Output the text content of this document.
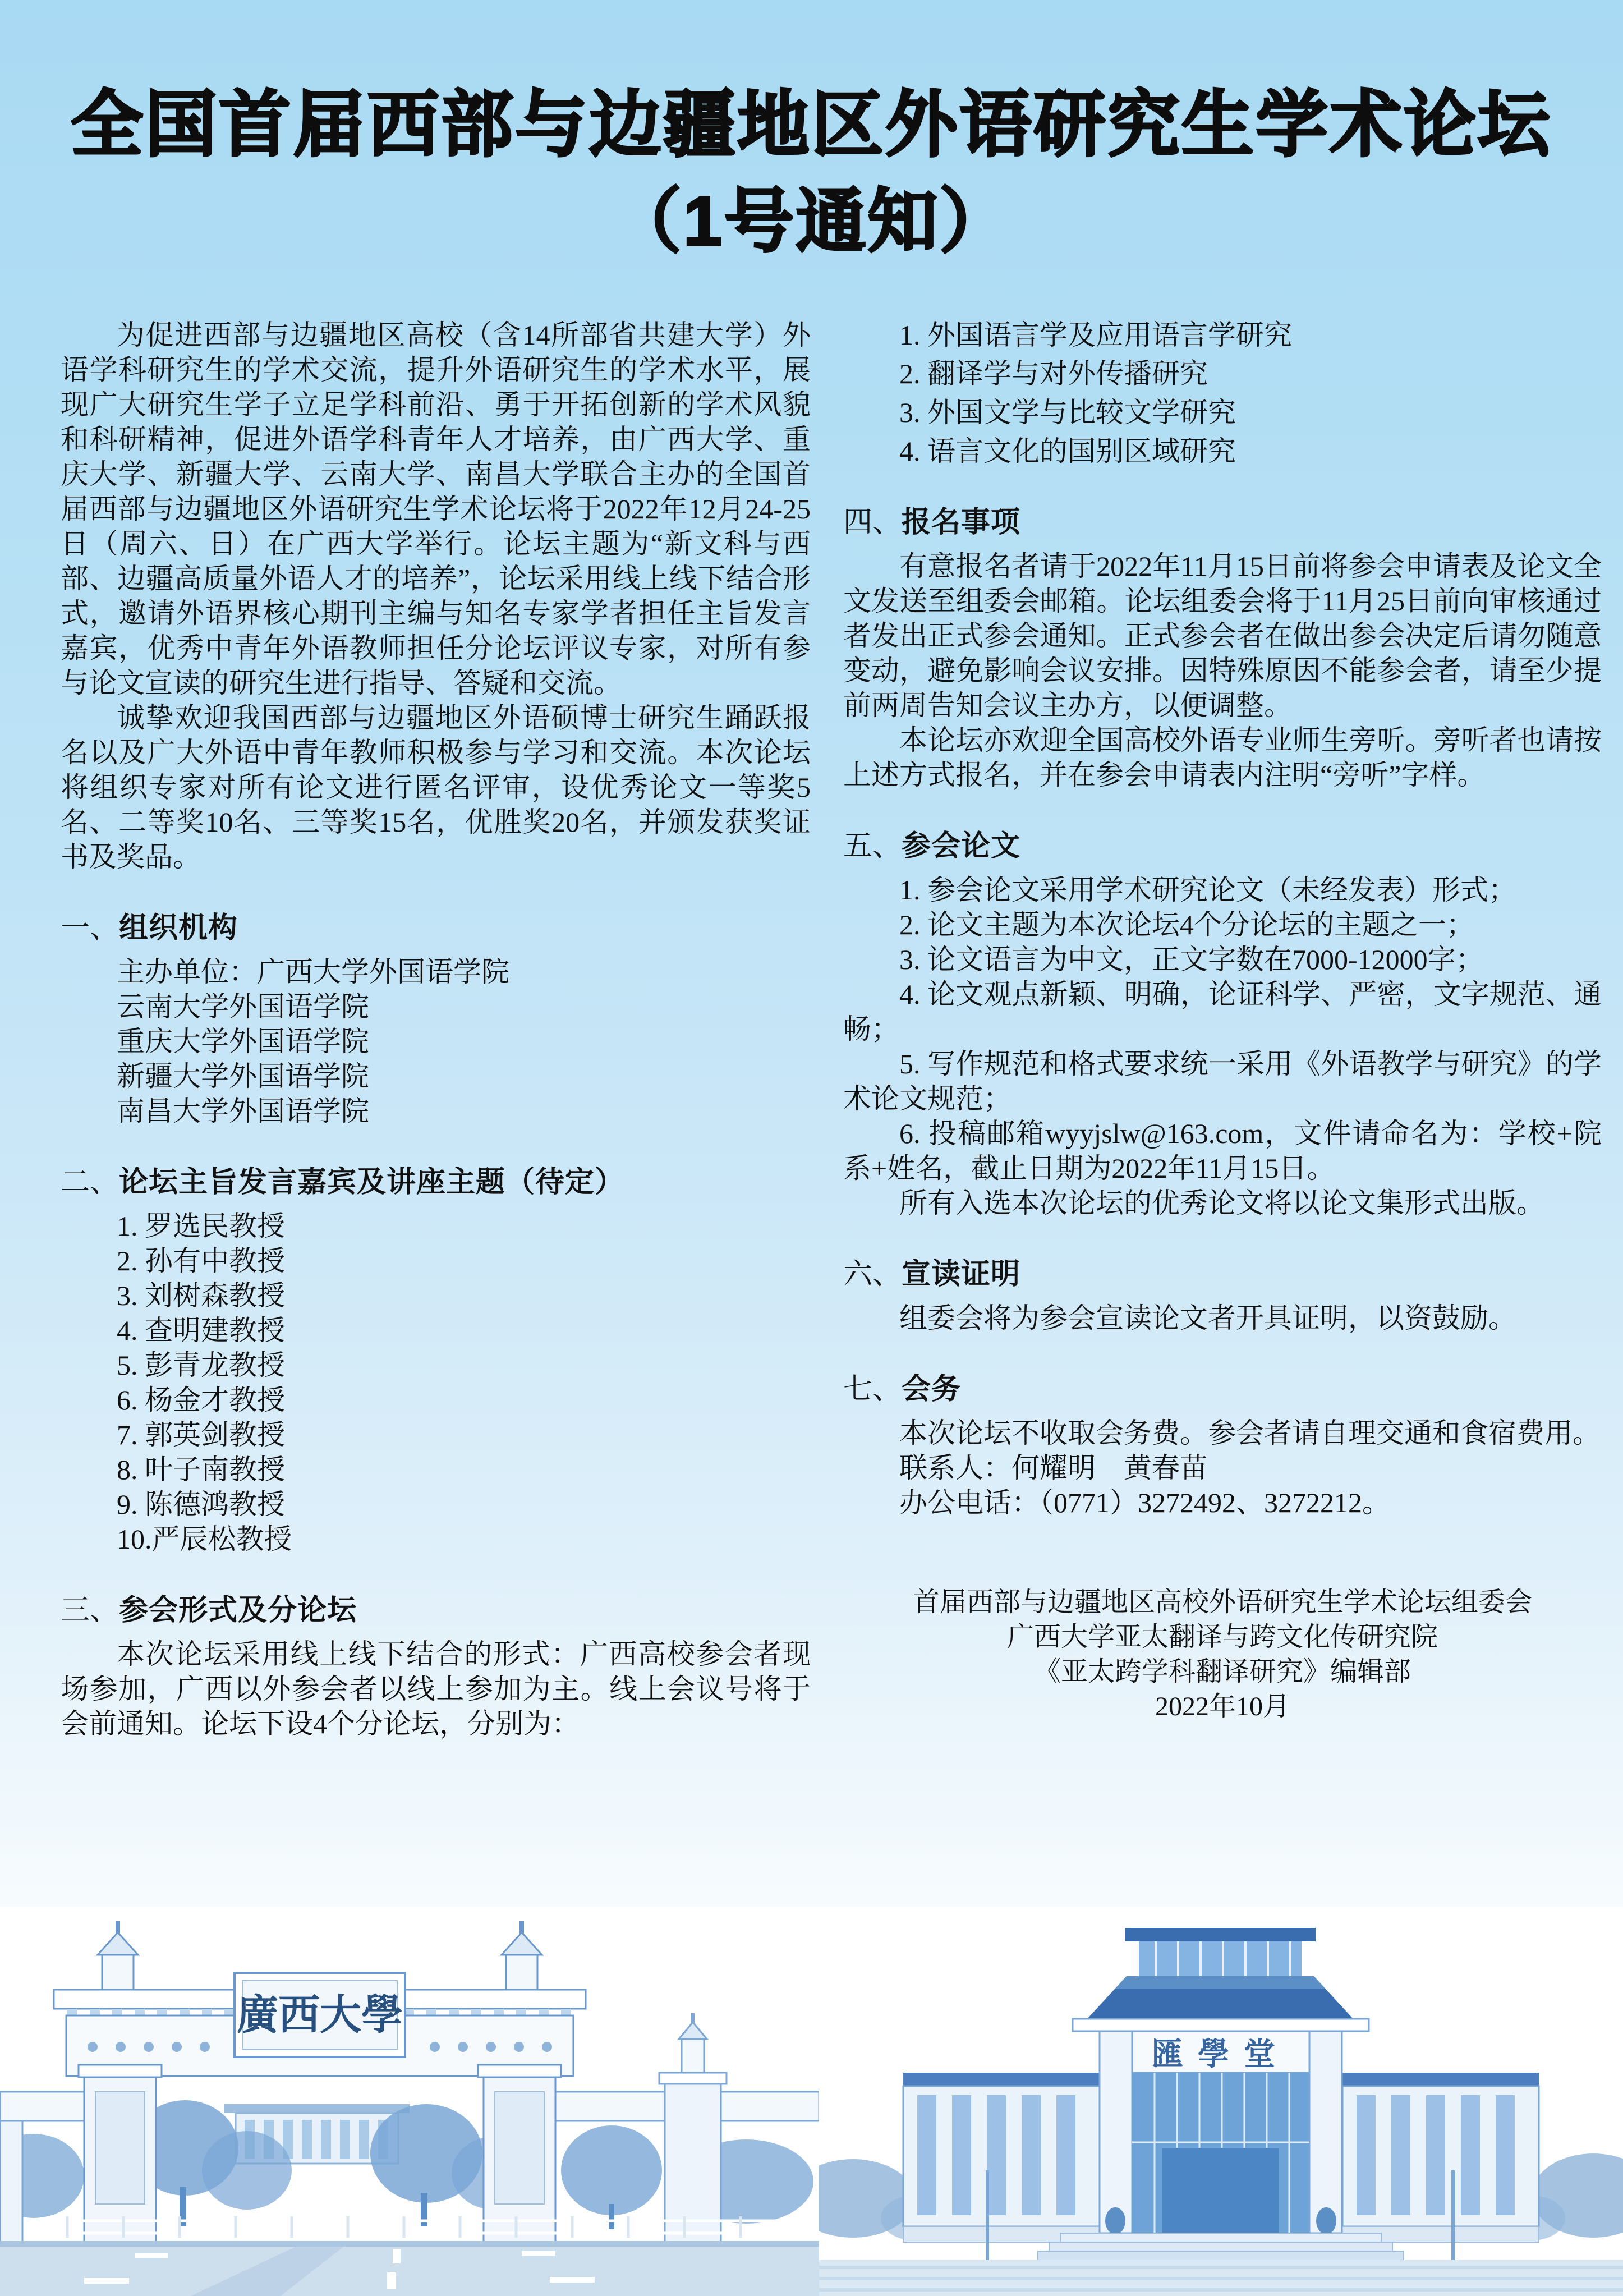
全国首届西部与边疆地区外语研究生学术论坛
（1号通知）

为促进西部与边疆地区高校（含14所部省共建大学）外语学科研究生的学术交流，提升外语研究生的学术水平，展现广大研究生学子立足学科前沿、勇于开拓创新的学术风貌和科研精神，促进外语学科青年人才培养，由广西大学、重庆大学、新疆大学、云南大学、南昌大学联合主办的全国首届西部与边疆地区外语研究生学术论坛将于2022年12月24-25日（周六、日）在广西大学举行。论坛主题为“新文科与西部、边疆高质量外语人才的培养”，论坛采用线上线下结合形式，邀请外语界核心期刊主编与知名专家学者担任主旨发言嘉宾，优秀中青年外语教师担任分论坛评议专家，对所有参与论文宣读的研究生进行指导、答疑和交流。

诚挚欢迎我国西部与边疆地区外语硕博士研究生踊跃报名以及广大外语中青年教师积极参与学习和交流。本次论坛将组织专家对所有论文进行匿名评审，设优秀论文一等奖5名、二等奖10名、三等奖15名，优胜奖20名，并颁发获奖证书及奖品。

一、组织机构

主办单位：广西大学外国语学院

云南大学外国语学院

重庆大学外国语学院

新疆大学外国语学院

南昌大学外国语学院

二、论坛主旨发言嘉宾及讲座主题（待定）

1. 罗选民教授

2. 孙有中教授

3. 刘树森教授

4. 查明建教授

5. 彭青龙教授

6. 杨金才教授

7. 郭英剑教授

8. 叶子南教授

9. 陈德鸿教授

10.严辰松教授

三、参会形式及分论坛

本次论坛采用线上线下结合的形式：广西高校参会者现场参加，广西以外参会者以线上参加为主。线上会议号将于会前通知。论坛下设4个分论坛，分别为：

1. 外国语言学及应用语言学研究

2. 翻译学与对外传播研究

3. 外国文学与比较文学研究

4. 语言文化的国别区域研究

四、报名事项

有意报名者请于2022年11月15日前将参会申请表及论文全文发送至组委会邮箱。论坛组委会将于11月25日前向审核通过者发出正式参会通知。正式参会者在做出参会决定后请勿随意变动，避免影响会议安排。因特殊原因不能参会者，请至少提前两周告知会议主办方，以便调整。

本论坛亦欢迎全国高校外语专业师生旁听。旁听者也请按上述方式报名，并在参会申请表内注明“旁听”字样。

五、参会论文

1. 参会论文采用学术研究论文（未经发表）形式；

2. 论文主题为本次论坛4个分论坛的主题之一；

3. 论文语言为中文，正文字数在7000-12000字；

4. 论文观点新颖、明确，论证科学、严密，文字规范、通畅；

5. 写作规范和格式要求统一采用《外语教学与研究》的学术论文规范；

6. 投稿邮箱wyyjslw@163.com，文件请命名为：学校+院系+姓名，截止日期为2022年11月15日。

所有入选本次论坛的优秀论文将以论文集形式出版。

六、宣读证明

组委会将为参会宣读论文者开具证明，以资鼓励。

七、会务

本次论坛不收取会务费。参会者请自理交通和食宿费用。

联系人：何耀明　黄春苗

办公电话：（0771）3272492、3272212。

首届西部与边疆地区高校外语研究生学术论坛组委会

广西大学亚太翻译与跨文化传研究院

《亚太跨学科翻译研究》编辑部

2022年10月

廣西大學
匯學堂
